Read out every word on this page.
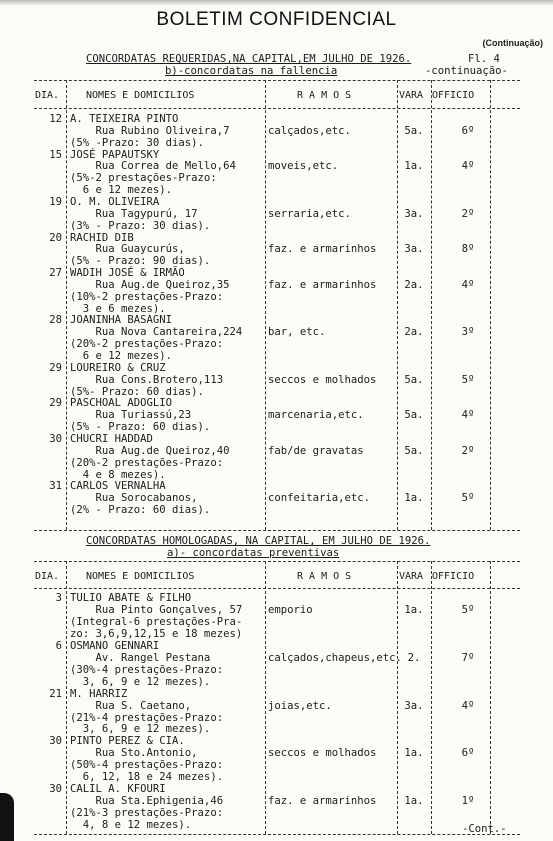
BOLETIM CONFIDENCIAL
(Continuação)
CONCORDATAS REQUERIDAS,NA CAPITAL,EM JULHO DE 1926.	Fl. 4
b)-concordatas na fallencia	-continuação-
DIA.	NOMES E DOMICILIOS	R A M O S	VARA OFFICIO
12 A. TEIXEIRA PINTO
Rua Rubino Oliveira,7
(5% -Prazo: 30 dias).
calçados,etc.	5a.	6º
15 JOSÉ PAPAUTSKY
Rua Correa de Mello,64
(5%-2 prestações-Prazo:
6 e 12 mezes).
moveis,etc.	1a.	4º
19 O. M. OLIVEIRA
Rua Tagypurú, 17
(3% - Prazo: 30 dias).
serraria,etc.	3a.	2º
20 RACHID DIB
Rua Guaycurús,
(5% - Prazo: 90 dias).
faz. e armarinhos	3a.	8º
27 WADIH JOSÉ & IRMÃO
Rua Aug.de Queiroz,35
(10%-2 prestações-Prazo:
3 e 6 mezes).
faz. e armarinhos	2a.	4º
28 JOANINHA BASAGNI
Rua Nova Cantareira,224
(20%-2 prestações-Prazo:
6 e 12 mezes).
bar, etc.	2a.	3º
29 LOUREIRO & CRUZ
Rua Cons.Brotero,113
(5%- Prazo: 60 dias).
seccos e molhados	5a.	5º
29 PASCHOAL ADOGLIO
Rua Turiassú,23
(5% - Prazo: 60 dias).
marcenaria,etc.	5a.	4º
30 CHUCRI HADDAD
Rua Aug.de Queiroz,40
(20%-2 prestações-Prazo:
4 e 8 mezes).
fab/de gravatas	5a.	2º
31 CARLOS VERNALHA
Rua Sorocabanos,
(2% - Prazo: 60 dias).
confeitaria,etc.	1a.	5º
CONCORDATAS HOMOLOGADAS, NA CAPITAL, EM JULHO DE 1926.
a)- concordatas preventivas
DIA.	NOMES E DOMICILIOS	R A M O S	VARA OFFICIO
3 TULIO ABATE & FILHO
Rua Pinto Gonçalves, 57
(Integral-6 prestações-Pra-
zo: 3,6,9,12,15 e 18 mezes)
emporio	1a.	5º
6 OSMANO GENNARI
Av. Rangel Pestana
(30%-4 prestações-Prazo:
3, 6, 9 e 12 mezes).
calçados,chapeus,etc. 2.	7º
21 M. HARRIZ
Rua S. Caetano,
(21%-4 prestações-Prazo:
3, 6, 9 e 12 mezes).
joias,etc.	3a.	4º
30 PINTO PEREZ & CIA.
Rua Sto.Antonio,
(50%-4 prestações-Prazo:
6, 12, 18 e 24 mezes).
seccos e molhados	1a.	6º
30 CALIL A. KFOURI
Rua Sta.Ephigenia,46
(21%-3 prestações-Prazo:
4, 8 e 12 mezes).
faz. e armarinhos	1a.	1º
-Cont.-
